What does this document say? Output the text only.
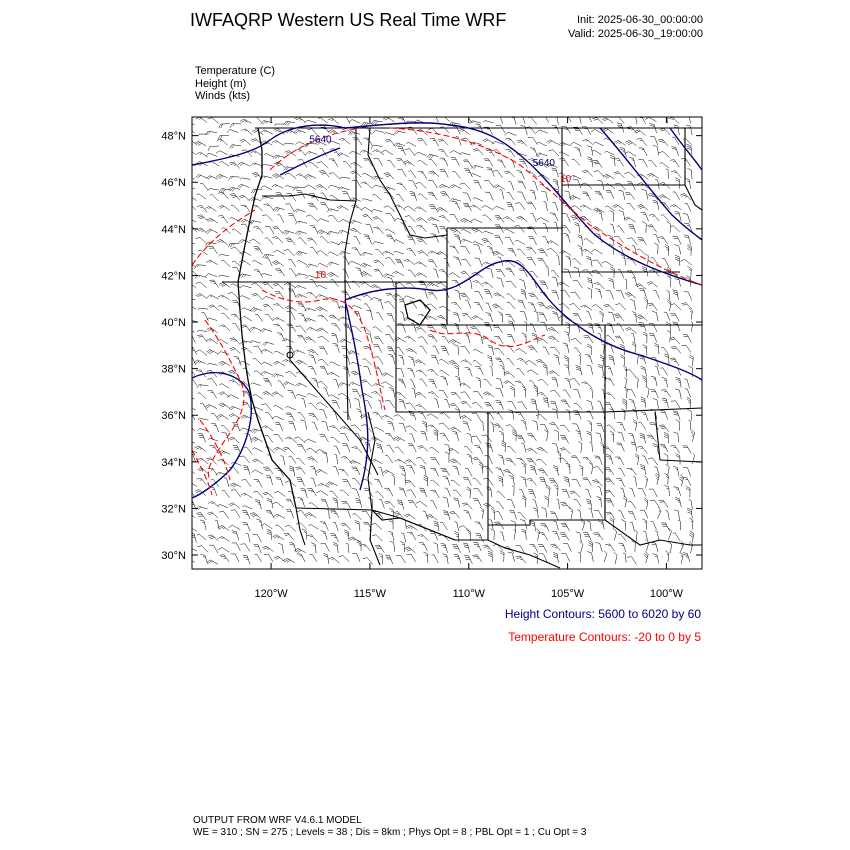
IWFAQRP Western US Real Time WRF	Init: 2025-06-30_00:00:00
Valid: 2025-06-30_19:00:00
Temperature (C)
Height (m)
Winds (kts)
5640
5640
10
10
48°N
46°N
44°N
42°N
40°N
38°N
36°N
34°N
32°N
30°N
120°W	115°W	110°W	105°W	100°W
Height Contours: 5600 to 6020 by 60
Temperature Contours: -20 to 0 by 5
OUTPUT FROM WRF V4.6.1 MODEL
WE = 310 ; SN = 275 ; Levels = 38 ; Dis = 8km ; Phys Opt = 8 ; PBL Opt = 1 ; Cu Opt = 3
